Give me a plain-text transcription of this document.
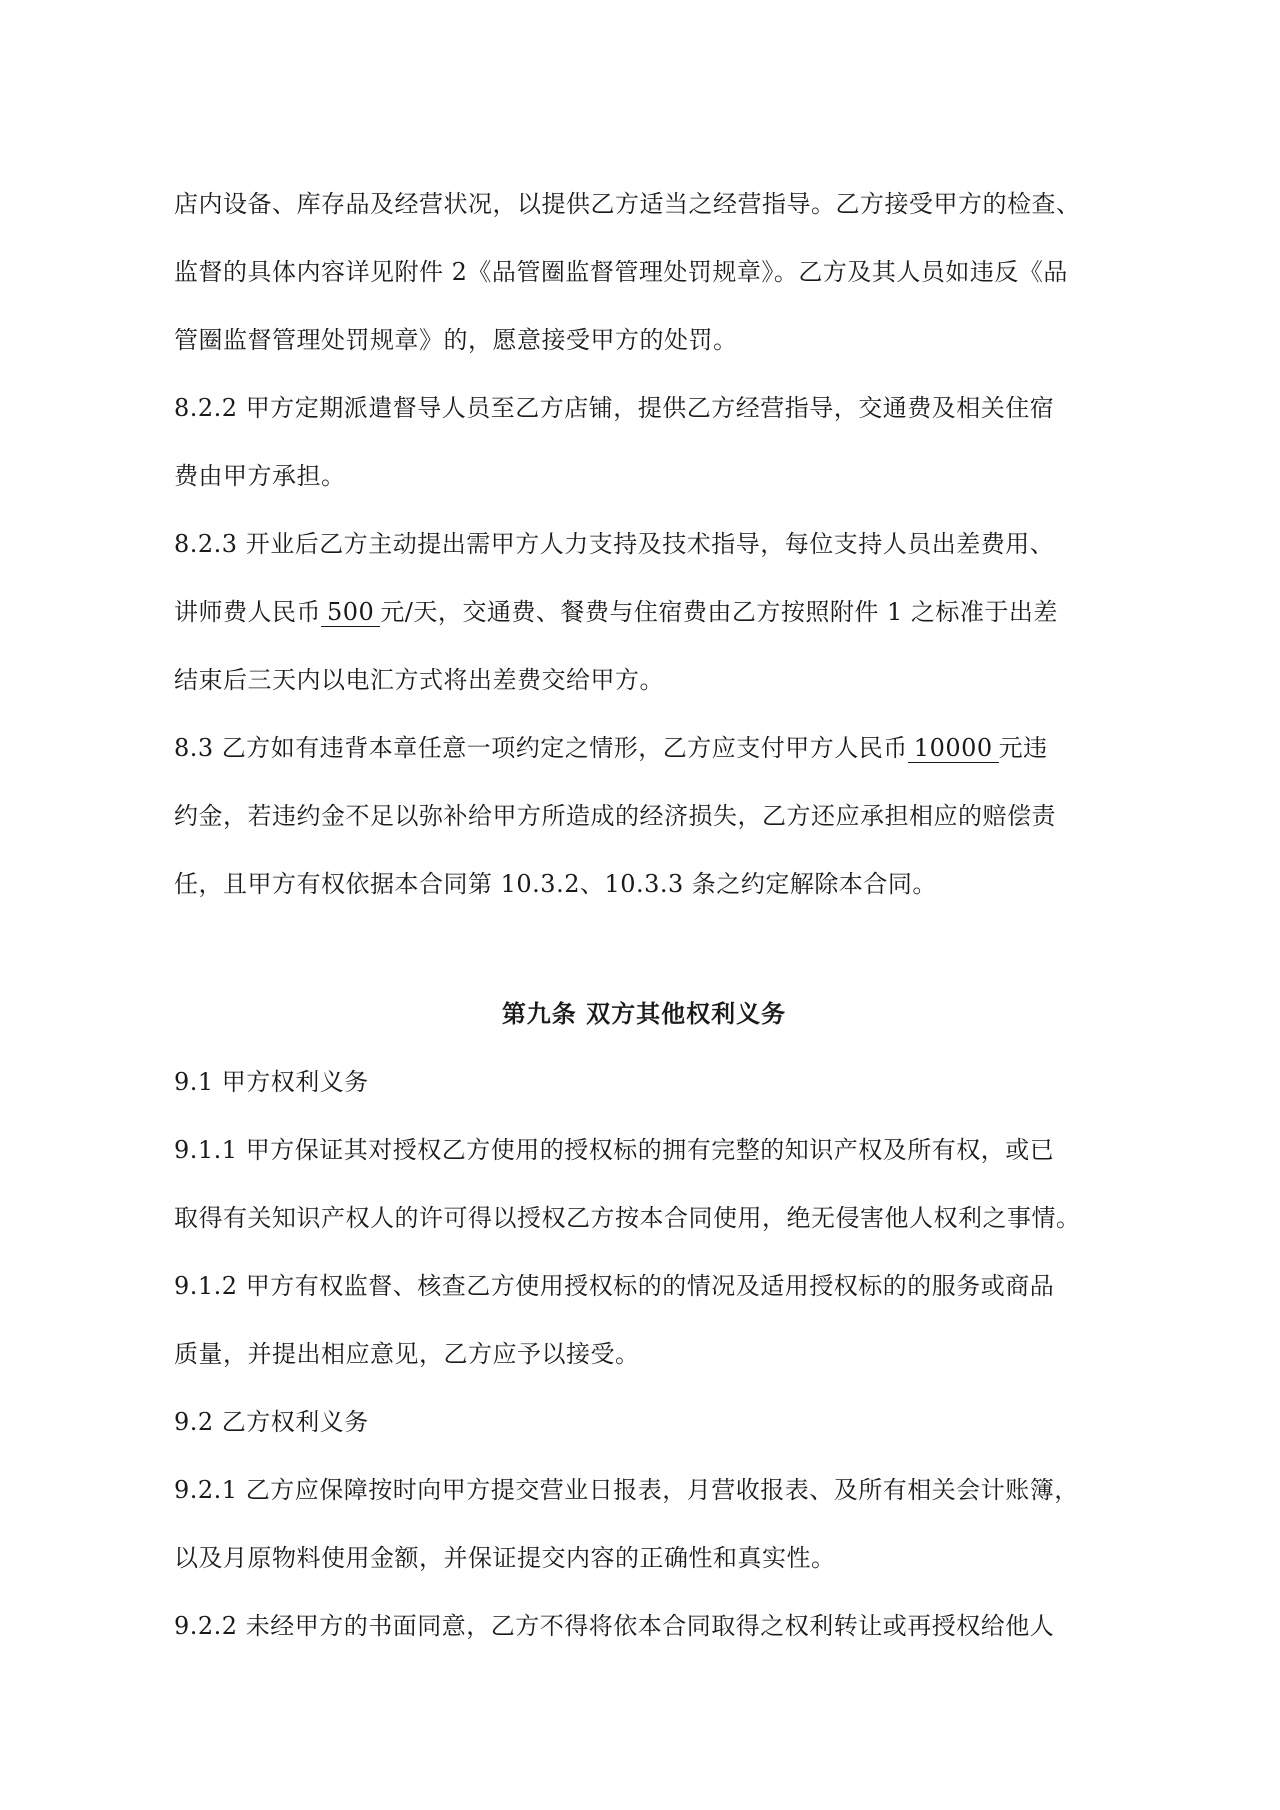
店内设备、库存品及经营状况，以提供乙方适当之经营指导。乙方接受甲方的检查、
监督的具体内容详见附件 2《品管圈监督管理处罚规章》。乙方及其人员如违反《品
管圈监督管理处罚规章》的，愿意接受甲方的处罚。
8.2.2 甲方定期派遣督导人员至乙方店铺，提供乙方经营指导，交通费及相关住宿
费由甲方承担。
8.2.3 开业后乙方主动提出需甲方人力支持及技术指导，每位支持人员出差费用、
讲师费人民币 500 元/天，交通费、餐费与住宿费由乙方按照附件 1 之标准于出差
结束后三天内以电汇方式将出差费交给甲方。
8.3 乙方如有违背本章任意一项约定之情形，乙方应支付甲方人民币 10000 元违
约金，若违约金不足以弥补给甲方所造成的经济损失，乙方还应承担相应的赔偿责
任，且甲方有权依据本合同第 10.3.2、10.3.3 条之约定解除本合同。
第九条 双方其他权利义务
9.1 甲方权利义务
9.1.1 甲方保证其对授权乙方使用的授权标的拥有完整的知识产权及所有权，或已
取得有关知识产权人的许可得以授权乙方按本合同使用，绝无侵害他人权利之事情。
9.1.2 甲方有权监督、核查乙方使用授权标的的情况及适用授权标的的服务或商品
质量，并提出相应意见，乙方应予以接受。
9.2 乙方权利义务
9.2.1 乙方应保障按时向甲方提交营业日报表，月营收报表、及所有相关会计账簿，
以及月原物料使用金额，并保证提交内容的正确性和真实性。
9.2.2 未经甲方的书面同意，乙方不得将依本合同取得之权利转让或再授权给他人
